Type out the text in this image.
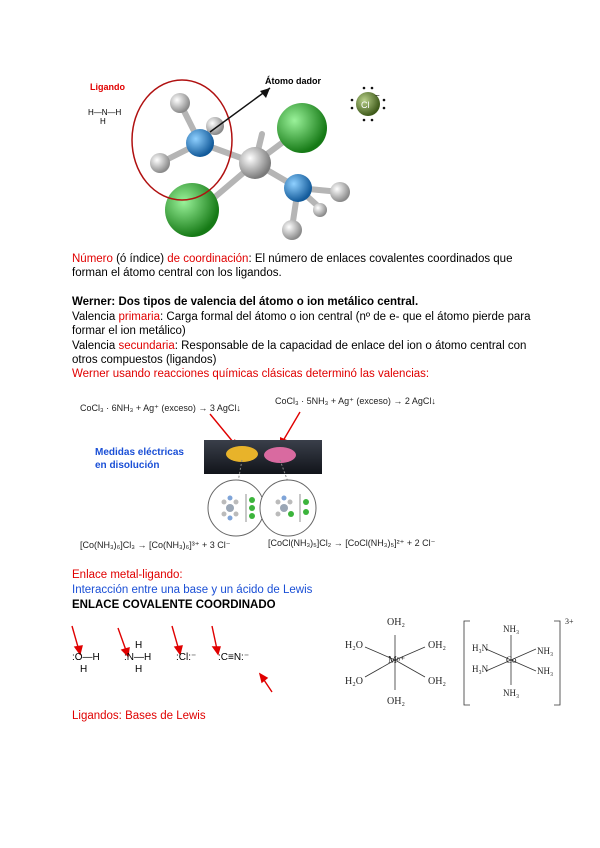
Ligando
H—N—H
H
Átomo dador
Cl
−
Número (ó índice) de coordinación: El número de enlaces covalentes coordinados que forman el átomo central con los ligandos.
Werner: Dos tipos de valencia del átomo o ion metálico central.
Valencia primaria: Carga formal del átomo o ion central (nº de e- que el átomo pierde para formar el ion metálico)
Valencia secundaria: Responsable de la capacidad de enlace del ion o átomo central con otros compuestos (ligandos)
Werner usando reacciones químicas clásicas determinó las valencias:
CoCl₃ · 6NH₃ + Ag⁺ (exceso) → 3 AgCl↓
CoCl₃ · 5NH₃ + Ag⁺ (exceso) → 2 AgCl↓
Medidas eléctricas
en disolución
[Co(NH₃)₆]Cl₃ → [Co(NH₃)₆]³⁺ + 3 Cl⁻	[CoCl(NH₃)₅]Cl₂ → [CoCl(NH₃)₅]²⁺ + 2 Cl⁻
Enlace metal-ligando:
Interacción entre una base y un ácido de Lewis
ENLACE COVALENTE COORDINADO
:O—H
H
H
:N—H
H
:Cl:⁻ :C≡N:⁻
OH₂
H₂O	OH₂
Mⁿ⁺
H₂O	OH₂
OH₂
NH₃
H₃N	NH₃
Co
H₃N	NH₃
NH₃
3+
Ligandos: Bases de Lewis
